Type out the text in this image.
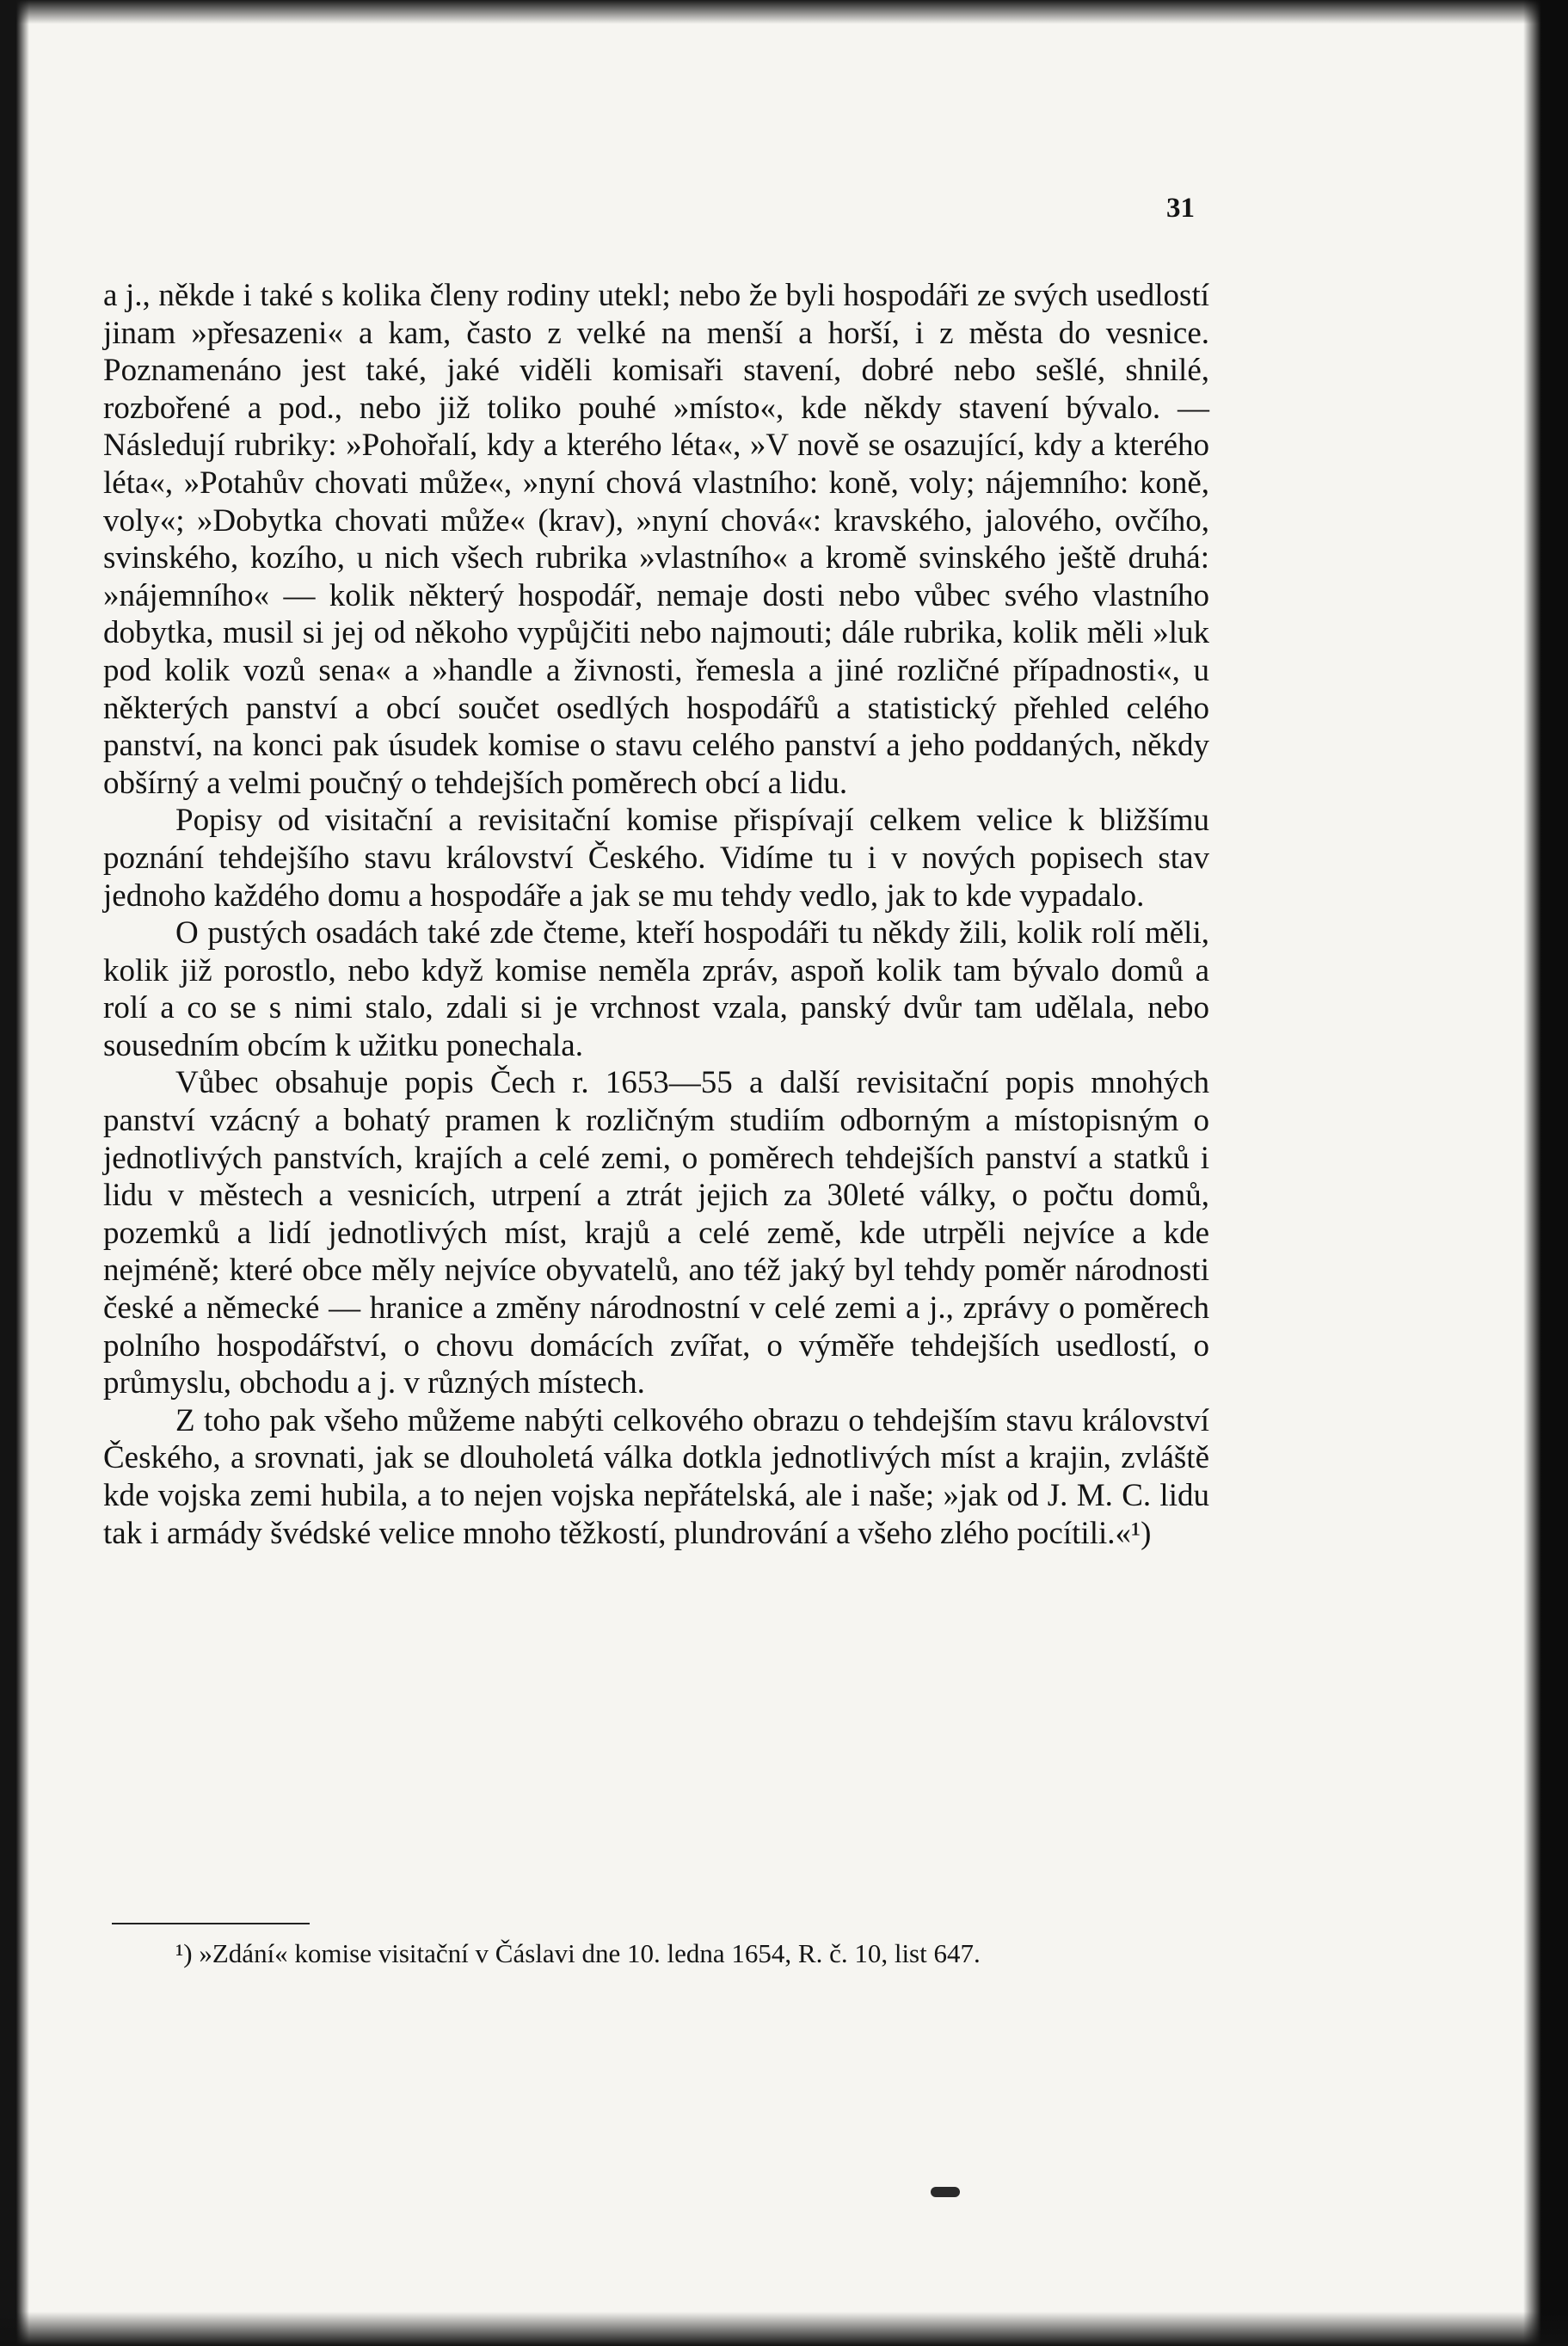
31

a j., někde i také s kolika členy rodiny utekl; nebo že byli hospodáři ze svých usedlostí jinam »přesazeni« a kam, často z velké na menší a horší, i z města do vesnice. Poznamenáno jest také, jaké viděli komisaři stavení, dobré nebo sešlé, shnilé, rozbořené a pod., nebo již toliko pouhé »místo«, kde někdy stavení bývalo. — Následují rubriky: »Pohořalí, kdy a kterého léta«, »V nově se osazující, kdy a kterého léta«, »Potahův chovati může«, »nyní chová vlastního: koně, voly; nájemního: koně, voly«; »Dobytka chovati může« (krav), »nyní chová«: kravského, jalového, ovčího, svinského, kozího, u nich všech rubrika »vlastního« a kromě svinského ještě druhá: »nájemního« — kolik některý hospodář, nemaje dosti nebo vůbec svého vlastního dobytka, musil si jej od někoho vypůjčiti nebo najmouti; dále rubrika, kolik měli »luk pod kolik vozů sena« a »handle a živnosti, řemesla a jiné rozličné případnosti«, u některých panství a obcí součet osedlých hospodářů a statistický přehled celého panství, na konci pak úsudek komise o stavu celého panství a jeho poddaných, někdy obšírný a velmi poučný o tehdejších poměrech obcí a lidu.

Popisy od visitační a revisitační komise přispívají celkem velice k bližšímu poznání tehdejšího stavu království Českého. Vidíme tu i v nových popisech stav jednoho každého domu a hospodáře a jak se mu tehdy vedlo, jak to kde vypadalo.

O pustých osadách také zde čteme, kteří hospodáři tu někdy žili, kolik rolí měli, kolik již porostlo, nebo když komise neměla zpráv, aspoň kolik tam bývalo domů a rolí a co se s nimi stalo, zdali si je vrchnost vzala, panský dvůr tam udělala, nebo sousedním obcím k užitku ponechala.

Vůbec obsahuje popis Čech r. 1653—55 a další revisitační popis mnohých panství vzácný a bohatý pramen k rozličným studiím odborným a místopisným o jednotlivých panstvích, krajích a celé zemi, o poměrech tehdejších panství a statků i lidu v městech a vesnicích, utrpení a ztrát jejich za 30leté války, o počtu domů, pozemků a lidí jednotlivých míst, krajů a celé země, kde utrpěli nejvíce a kde nejméně; které obce měly nejvíce obyvatelů, ano též jaký byl tehdy poměr národnosti české a německé — hranice a změny národnostní v celé zemi a j., zprávy o poměrech polního hospodářství, o chovu domácích zvířat, o výměře tehdejších usedlostí, o průmyslu, obchodu a j. v různých místech.

Z toho pak všeho můžeme nabýti celkového obrazu o tehdejším stavu království Českého, a srovnati, jak se dlouholetá válka dotkla jednotlivých míst a krajin, zvláště kde vojska zemi hubila, a to nejen vojska nepřátelská, ale i naše; »jak od J. M. C. lidu tak i armády švédské velice mnoho těžkostí, plundrování a všeho zlého pocítili.«¹)

¹) »Zdání« komise visitační v Čáslavi dne 10. ledna 1654, R. č. 10, list 647.
